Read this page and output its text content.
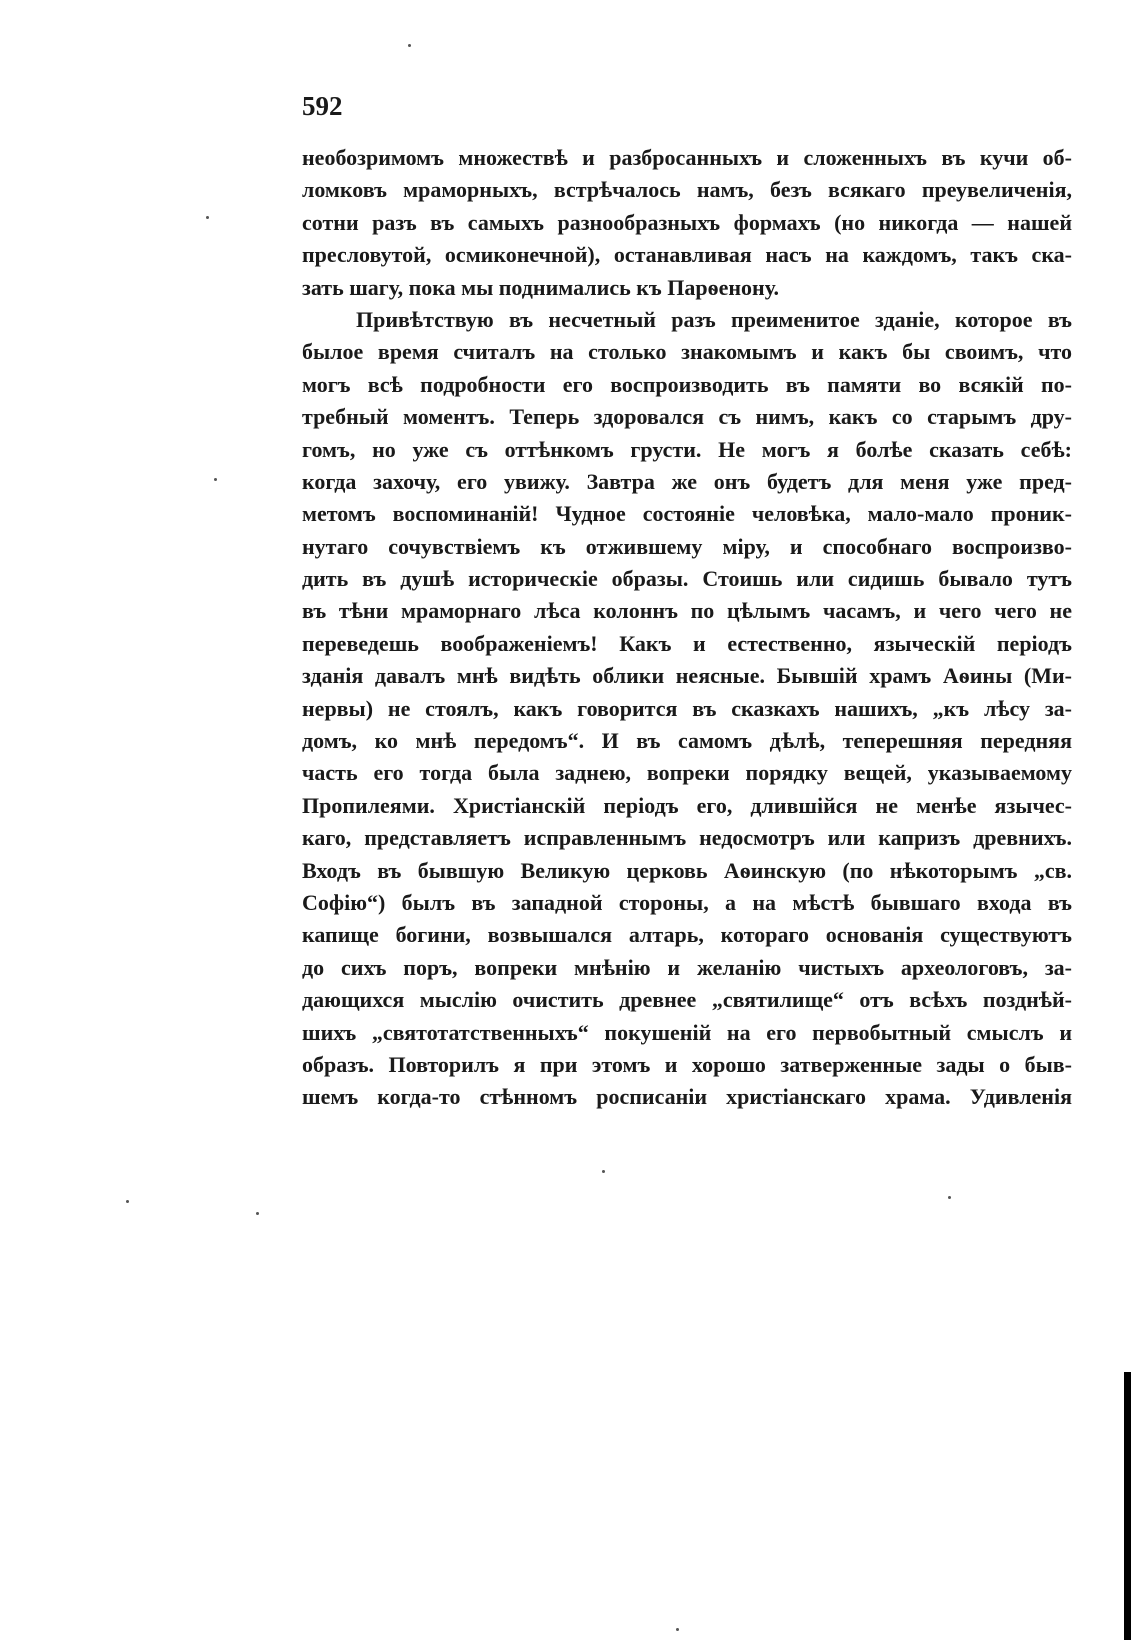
592
необозримомъ множествѣ и разбросанныхъ и сложенныхъ въ кучи об-
ломковъ мраморныхъ, встрѣчалось намъ, безъ всякаго преувеличенія,
сотни разъ въ самыхъ разнообразныхъ формахъ (но никогда — нашей
пресловутой, осмиконечной), останавливая насъ на каждомъ, такъ ска-
зать шагу, пока мы поднимались къ Парѳенону.
Привѣтствую въ несчетный разъ преименитое зданіе, которое въ
былое время считалъ на столько знакомымъ и какъ бы своимъ, что
могъ всѣ подробности его воспроизводить въ памяти во всякій по-
требный моментъ. Теперь здоровался съ нимъ, какъ со старымъ дру-
гомъ, но уже съ оттѣнкомъ грусти. Не могъ я болѣе сказать себѣ:
когда захочу, его увижу. Завтра же онъ будетъ для меня уже пред-
метомъ воспоминаній! Чудное состояніе человѣка, мало-мало проник-
нутаго сочувствіемъ къ отжившему міру, и способнаго воспроизво-
дить въ душѣ историческіе образы. Стоишь или сидишь бывало тутъ
въ тѣни мраморнаго лѣса колоннъ по цѣлымъ часамъ, и чего чего не
переведешь воображеніемъ! Какъ и естественно, языческій періодъ
зданія давалъ мнѣ видѣть облики неясные. Бывшій храмъ Аѳины (Ми-
нервы) не стоялъ, какъ говорится въ сказкахъ нашихъ, „къ лѣсу за-
домъ, ко мнѣ передомъ“. И въ самомъ дѣлѣ, теперешняя передняя
часть его тогда была заднею, вопреки порядку вещей, указываемому
Пропилеями. Христіанскій періодъ его, длившійся не менѣе язычес-
каго, представляетъ исправленнымъ недосмотръ или капризъ древнихъ.
Входъ въ бывшую Великую церковь Аѳинскую (по нѣкоторымъ „св.
Софію“) былъ въ западной стороны, а на мѣстѣ бывшаго входа въ
капище богини, возвышался алтарь, котораго основанія существуютъ
до сихъ поръ, вопреки мнѣнію и желанію чистыхъ археологовъ, за-
дающихся мыслію очистить древнее „святилище“ отъ всѣхъ позднѣй-
шихъ „святотатственныхъ“ покушеній на его первобытный смыслъ и
образъ. Повторилъ я при этомъ и хорошо затверженные зады о быв-
шемъ когда-то стѣнномъ росписаніи христіанскаго храма. Удивленія
